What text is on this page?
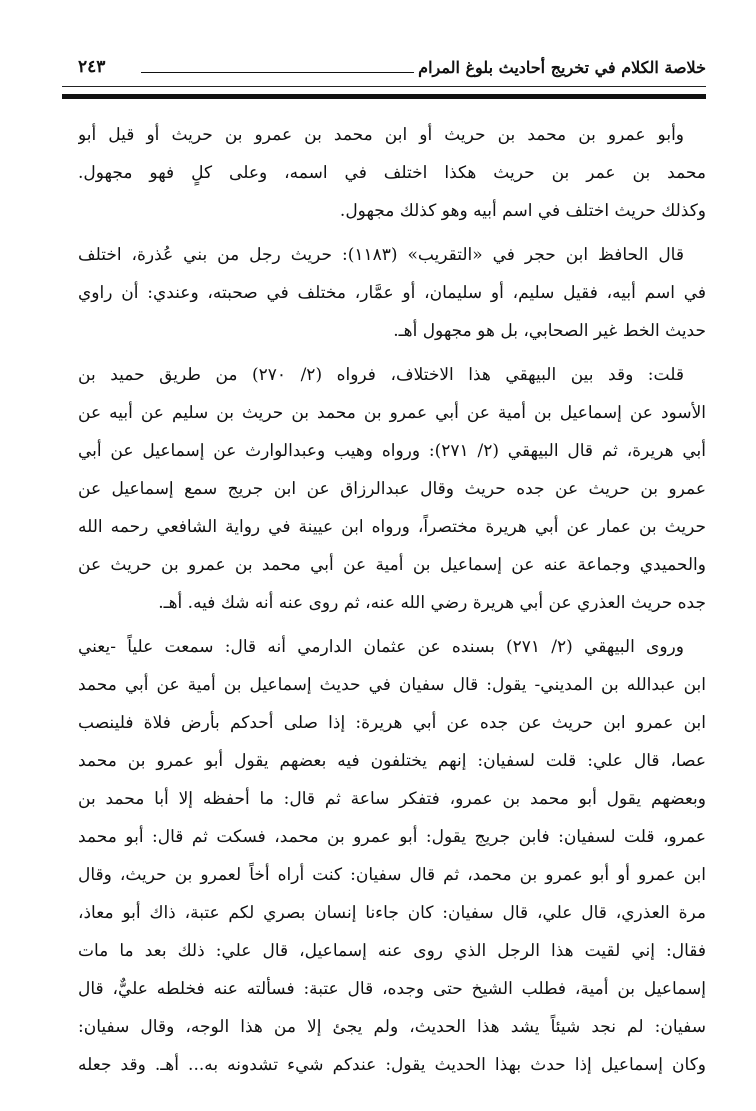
خلاصة الكلام في تخريج أحاديث بلوغ المرام
٢٤٣
وأبو عمرو بن محمد بن حريث أو ابن محمد بن عمرو بن حريث أو قيل أبو
محمد بن عمر بن حريث هكذا اختلف في اسمه، وعلى كلٍ فهو مجهول.
وكذلك حريث اختلف في اسم أبيه وهو كذلك مجهول.
قال الحافظ ابن حجر في «التقريب» (١١٨٣): حريث رجل من بني عُذرة، اختلف
في اسم أبيه، فقيل سليم، أو سليمان، أو عمَّار، مختلف في صحبته، وعندي: أن راوي
حديث الخط غير الصحابي، بل هو مجهول أهـ.
قلت: وقد بين البيهقي هذا الاختلاف، فرواه (٢/ ٢٧٠) من طريق حميد بن
الأسود عن إسماعيل بن أمية عن أبي عمرو بن محمد بن حريث بن سليم عن أبيه عن
أبي هريرة، ثم قال البيهقي (٢/ ٢٧١): ورواه وهيب وعبدالوارث عن إسماعيل عن أبي
عمرو بن حريث عن جده حريث وقال عبدالرزاق عن ابن جريج سمع إسماعيل عن
حريث بن عمار عن أبي هريرة مختصراً، ورواه ابن عيينة في رواية الشافعي رحمه الله
والحميدي وجماعة عنه عن إسماعيل بن أمية عن أبي محمد بن عمرو بن حريث عن
جده حريث العذري عن أبي هريرة رضي الله عنه، ثم روى عنه أنه شك فيه. أهـ.
وروى البيهقي (٢/ ٢٧١) بسنده عن عثمان الدارمي أنه قال: سمعت علياً -يعني
ابن عبدالله بن المديني- يقول: قال سفيان في حديث إسماعيل بن أمية عن أبي محمد
ابن عمرو ابن حريث عن جده عن أبي هريرة: إذا صلى أحدكم بأرض فلاة فلينصب
عصا، قال علي: قلت لسفيان: إنهم يختلفون فيه بعضهم يقول أبو عمرو بن محمد
وبعضهم يقول أبو محمد بن عمرو، فتفكر ساعة ثم قال: ما أحفظه إلا أبا محمد بن
عمرو، قلت لسفيان: فابن جريج يقول: أبو عمرو بن محمد، فسكت ثم قال: أبو محمد
ابن عمرو أو أبو عمرو بن محمد، ثم قال سفيان: كنت أراه أخاً لعمرو بن حريث، وقال
مرة العذري، قال علي، قال سفيان: كان جاءنا إنسان بصري لكم عتبة، ذاك أبو معاذ،
فقال: إني لقيت هذا الرجل الذي روى عنه إسماعيل، قال علي: ذلك بعد ما مات
إسماعيل بن أمية، فطلب الشيخ حتى وجده، قال عتبة: فسألته عنه فخلطه عليٌّ، قال
سفيان: لم نجد شيئاً يشد هذا الحديث، ولم يجئ إلا من هذا الوجه، وقال سفيان:
وكان إسماعيل إذا حدث بهذا الحديث يقول: عندكم شيء تشدونه به... أهـ. وقد جعله
